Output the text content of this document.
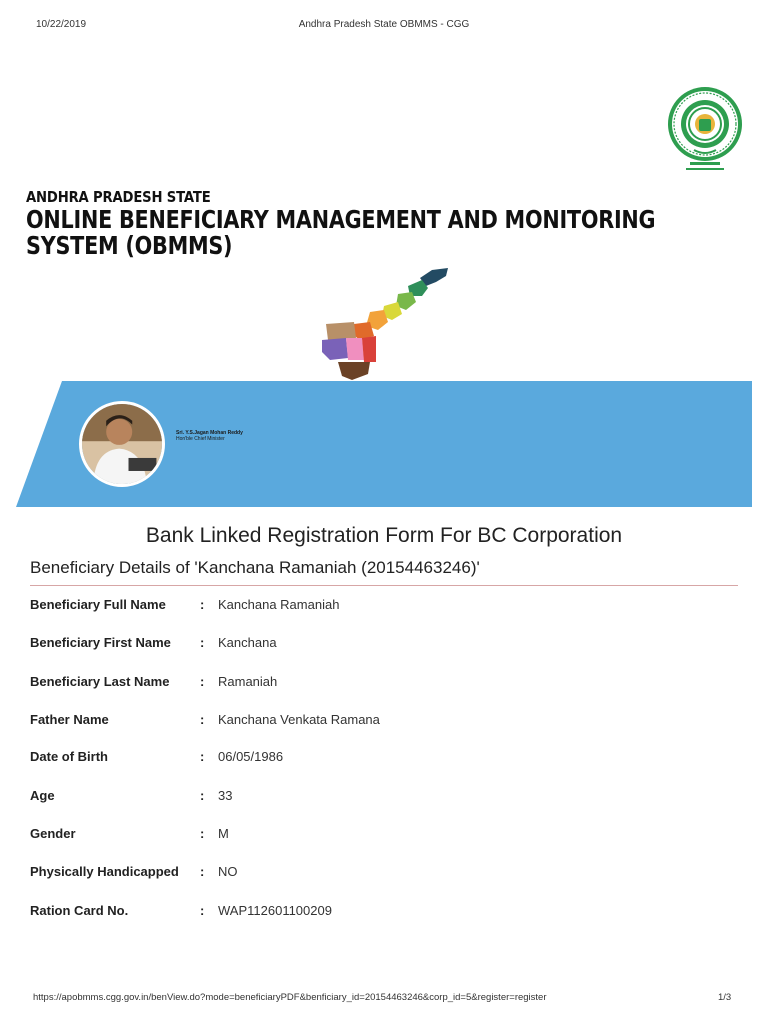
10/22/2019	Andhra Pradesh State OBMMS - CGG
ANDHRA PRADESH STATE
ONLINE BENEFICIARY MANAGEMENT AND MONITORING SYSTEM (OBMMS)
Sri. Y.S.Jagan Mohan Reddy
Hon'ble Chief Minister
Bank Linked Registration Form For BC Corporation
Beneficiary Details of 'Kanchana Ramaniah (20154463246)'
Beneficiary Full Name	: Kanchana Ramaniah
Beneficiary First Name : Kanchana
Beneficiary Last Name : Ramaniah
Father Name	: Kanchana Venkata Ramana
Date of Birth	: 06/05/1986
Age	: 33
Gender	: M
Physically Handicapped : NO
Ration Card No.	: WAP112601100209
https://apobmms.cgg.gov.in/benView.do?mode=beneficiaryPDF&benficiary_id=20154463246&corp_id=5&register=register	1/3
